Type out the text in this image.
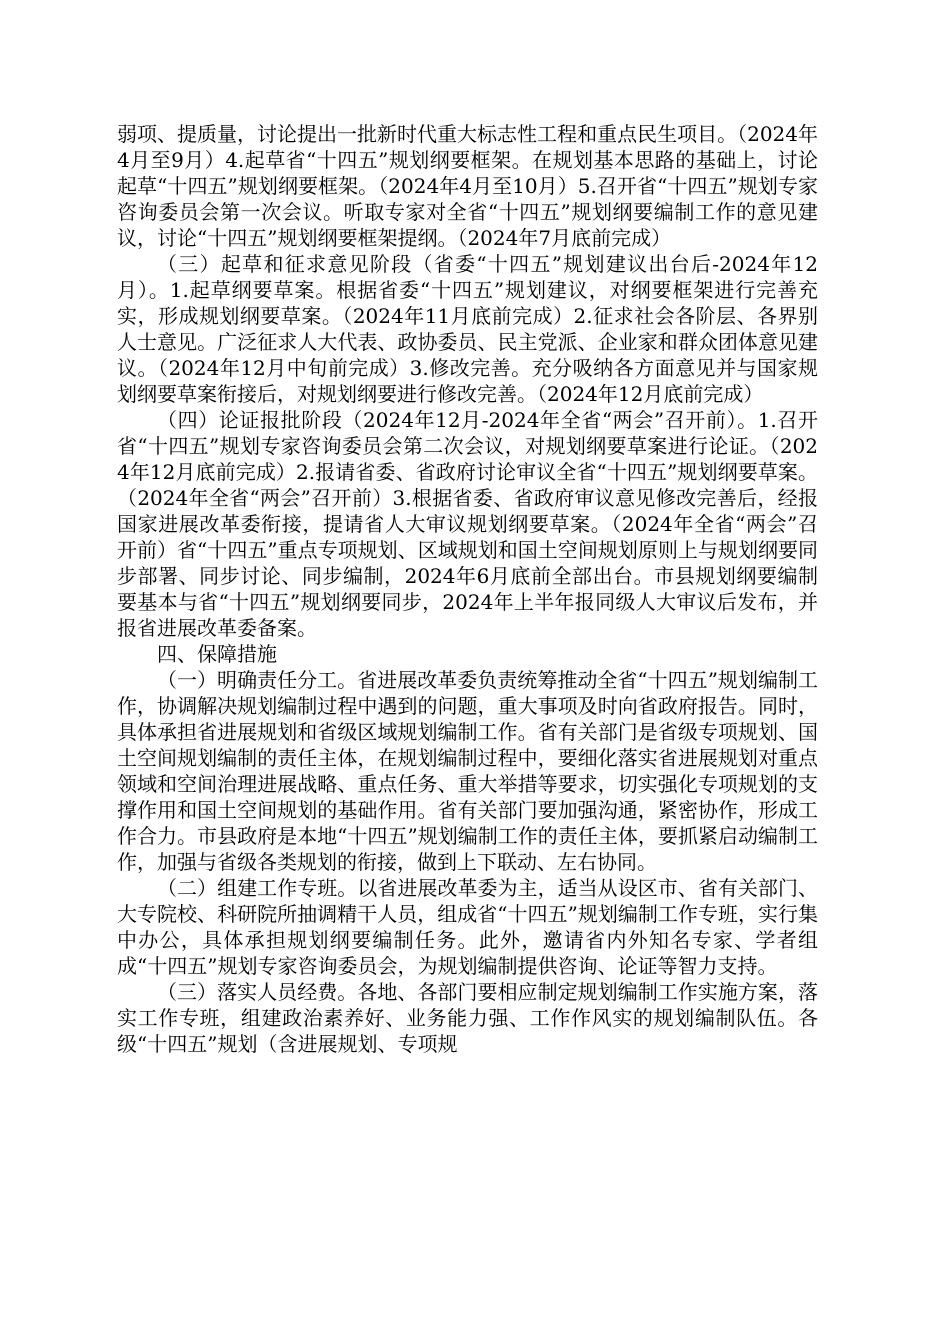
弱项、提质量，讨论提出一批新时代重大标志性工程和重点民生项目。（2024年4月至9月）4.起草省“十四五”规划纲要框架。在规划基本思路的基础上，讨论起草“十四五”规划纲要框架。（2024年4月至10月）5.召开省“十四五”规划专家咨询委员会第一次会议。听取专家对全省“十四五”规划纲要编制工作的意见建议，讨论“十四五”规划纲要框架提纲。（2024年7月底前完成）

（三）起草和征求意见阶段（省委“十四五”规划建议出台后-2024年12月）。1.起草纲要草案。根据省委“十四五”规划建议，对纲要框架进行完善充实，形成规划纲要草案。（2024年11月底前完成）2.征求社会各阶层、各界别人士意见。广泛征求人大代表、政协委员、民主党派、企业家和群众团体意见建议。（2024年12月中旬前完成）3.修改完善。充分吸纳各方面意见并与国家规划纲要草案衔接后，对规划纲要进行修改完善。（2024年12月底前完成）

（四）论证报批阶段（2024年12月-2024年全省“两会”召开前）。1.召开省“十四五”规划专家咨询委员会第二次会议，对规划纲要草案进行论证。（2024年12月底前完成）2.报请省委、省政府讨论审议全省“十四五”规划纲要草案。（2024年全省“两会”召开前）3.根据省委、省政府审议意见修改完善后，经报国家进展改革委衔接，提请省人大审议规划纲要草案。（2024年全省“两会”召开前）省“十四五”重点专项规划、区域规划和国土空间规划原则上与规划纲要同步部署、同步讨论、同步编制，2024年6月底前全部出台。市县规划纲要编制要基本与省“十四五”规划纲要同步，2024年上半年报同级人大审议后发布，并报省进展改革委备案。

四、保障措施

（一）明确责任分工。省进展改革委负责统筹推动全省“十四五”规划编制工作，协调解决规划编制过程中遇到的问题，重大事项及时向省政府报告。同时，具体承担省进展规划和省级区域规划编制工作。省有关部门是省级专项规划、国土空间规划编制的责任主体，在规划编制过程中，要细化落实省进展规划对重点领域和空间治理进展战略、重点任务、重大举措等要求，切实强化专项规划的支撑作用和国土空间规划的基础作用。省有关部门要加强沟通，紧密协作，形成工作合力。市县政府是本地“十四五”规划编制工作的责任主体，要抓紧启动编制工作，加强与省级各类规划的衔接，做到上下联动、左右协同。

（二）组建工作专班。以省进展改革委为主，适当从设区市、省有关部门、大专院校、科研院所抽调精干人员，组成省“十四五”规划编制工作专班，实行集中办公，具体承担规划纲要编制任务。此外，邀请省内外知名专家、学者组成“十四五”规划专家咨询委员会，为规划编制提供咨询、论证等智力支持。

（三）落实人员经费。各地、各部门要相应制定规划编制工作实施方案，落实工作专班，组建政治素养好、业务能力强、工作作风实的规划编制队伍。各级“十四五”规划（含进展规划、专项规
